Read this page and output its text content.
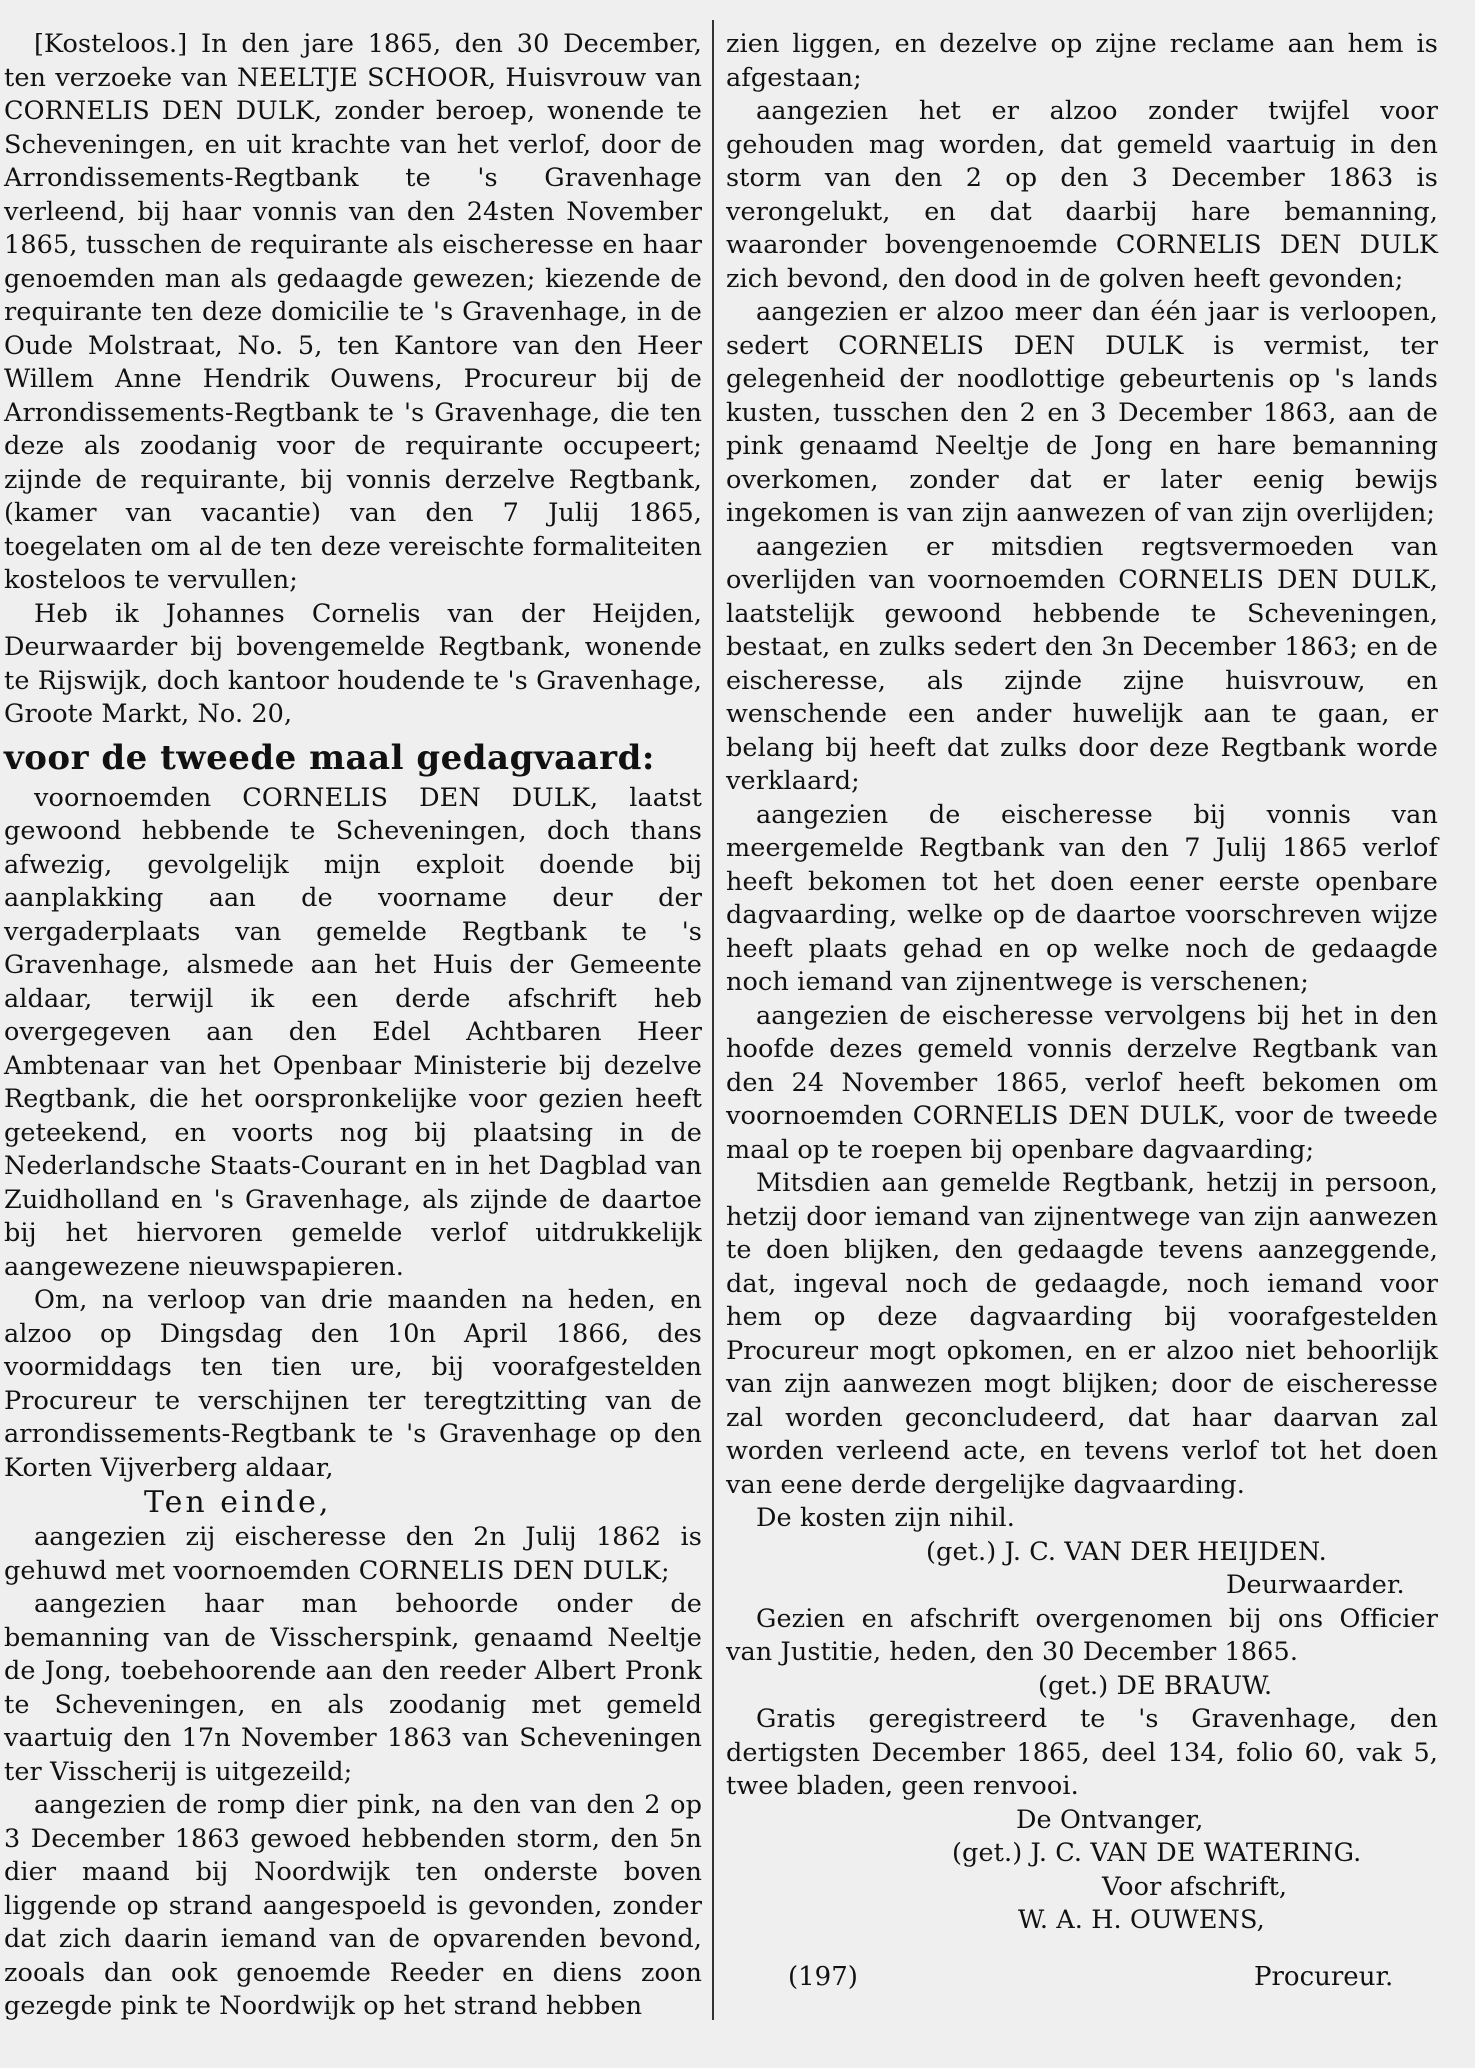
[Kosteloos.] In den jare 1865, den 30 December, ten verzoeke van NEELTJE SCHOOR, Huisvrouw van CORNELIS DEN DULK, zonder beroep, wonende te Scheveningen, en uit krachte van het verlof, door de Arrondissements-Regtbank te 's Gravenhage verleend, bij haar vonnis van den 24sten November 1865, tusschen de requirante als eischeresse en haar genoemden man als gedaagde gewezen; kiezende de requirante ten deze domicilie te 's Gravenhage, in de Oude Molstraat, No. 5, ten Kantore van den Heer Willem Anne Hendrik Ouwens, Procureur bij de Arrondissements-Regtbank te 's Gravenhage, die ten deze als zoodanig voor de requirante occupeert; zijnde de requirante, bij vonnis derzelve Regtbank, (kamer van vacantie) van den 7 Julij 1865, toegelaten om al de ten deze vereischte formaliteiten kosteloos te vervullen;

Heb ik Johannes Cornelis van der Heijden, Deurwaarder bij bovengemelde Regtbank, wonende te Rijswijk, doch kantoor houdende te 's Gravenhage, Groote Markt, No. 20,

voor de tweede maal gedagvaard:

voornoemden CORNELIS DEN DULK, laatst gewoond hebbende te Scheveningen, doch thans afwezig, gevolgelijk mijn exploit doende bij aanplakking aan de voorname deur der vergaderplaats van gemelde Regtbank te 's Gravenhage, alsmede aan het Huis der Gemeente aldaar, terwijl ik een derde afschrift heb overgegeven aan den Edel Achtbaren Heer Ambtenaar van het Openbaar Ministerie bij dezelve Regtbank, die het oorspronkelijke voor gezien heeft geteekend, en voorts nog bij plaatsing in de Nederlandsche Staats-Courant en in het Dagblad van Zuidholland en 's Gravenhage, als zijnde de daartoe bij het hiervoren gemelde verlof uitdrukkelijk aangewezene nieuwspapieren.

Om, na verloop van drie maanden na heden, en alzoo op Dingsdag den 10n April 1866, des voormiddags ten tien ure, bij voorafgestelden Procureur te verschijnen ter teregtzitting van de arrondissements-Regtbank te 's Gravenhage op den Korten Vijverberg aldaar,

Ten einde,

aangezien zij eischeresse den 2n Julij 1862 is gehuwd met voornoemden CORNELIS DEN DULK;

aangezien haar man behoorde onder de bemanning van de Visscherspink, genaamd Neeltje de Jong, toebehoorende aan den reeder Albert Pronk te Scheveningen, en als zoodanig met gemeld vaartuig den 17n November 1863 van Scheveningen ter Visscherij is uitgezeild;

aangezien de romp dier pink, na den van den 2 op 3 December 1863 gewoed hebbenden storm, den 5n dier maand bij Noordwijk ten onderste boven liggende op strand aangespoeld is gevonden, zonder dat zich daarin iemand van de opvarenden bevond, zooals dan ook genoemde Reeder en diens zoon gezegde pink te Noordwijk op het strand hebben

zien liggen, en dezelve op zijne reclame aan hem is afgestaan;

aangezien het er alzoo zonder twijfel voor gehouden mag worden, dat gemeld vaartuig in den storm van den 2 op den 3 December 1863 is verongelukt, en dat daarbij hare bemanning, waaronder bovengenoemde CORNELIS DEN DULK zich bevond, den dood in de golven heeft gevonden;

aangezien er alzoo meer dan één jaar is verloopen, sedert CORNELIS DEN DULK is vermist, ter gelegenheid der noodlottige gebeurtenis op 's lands kusten, tusschen den 2 en 3 December 1863, aan de pink genaamd Neeltje de Jong en hare bemanning overkomen, zonder dat er later eenig bewijs ingekomen is van zijn aanwezen of van zijn overlijden;

aangezien er mitsdien regtsvermoeden van overlijden van voornoemden CORNELIS DEN DULK, laatstelijk gewoond hebbende te Scheveningen, bestaat, en zulks sedert den 3n December 1863; en de eischeresse, als zijnde zijne huisvrouw, en wenschende een ander huwelijk aan te gaan, er belang bij heeft dat zulks door deze Regtbank worde verklaard;

aangezien de eischeresse bij vonnis van meergemelde Regtbank van den 7 Julij 1865 verlof heeft bekomen tot het doen eener eerste openbare dagvaarding, welke op de daartoe voorschreven wijze heeft plaats gehad en op welke noch de gedaagde noch iemand van zijnentwege is verschenen;

aangezien de eischeresse vervolgens bij het in den hoofde dezes gemeld vonnis derzelve Regtbank van den 24 November 1865, verlof heeft bekomen om voornoemden CORNELIS DEN DULK, voor de tweede maal op te roepen bij openbare dagvaarding;

Mitsdien aan gemelde Regtbank, hetzij in persoon, hetzij door iemand van zijnentwege van zijn aanwezen te doen blijken, den gedaagde tevens aanzeggende, dat, ingeval noch de gedaagde, noch iemand voor hem op deze dagvaarding bij voorafgestelden Procureur mogt opkomen, en er alzoo niet behoorlijk van zijn aanwezen mogt blijken; door de eischeresse zal worden geconcludeerd, dat haar daarvan zal worden verleend acte, en tevens verlof tot het doen van eene derde dergelijke dagvaarding.

De kosten zijn nihil.

(get.) J. C. VAN DER HEIJDEN.

Deurwaarder.

Gezien en afschrift overgenomen bij ons Officier van Justitie, heden, den 30 December 1865.

(get.) DE BRAUW.

Gratis geregistreerd te 's Gravenhage, den dertigsten December 1865, deel 134, folio 60, vak 5, twee bladen, geen renvooi.

De Ontvanger,

(get.) J. C. VAN DE WATERING.

Voor afschrift,

W. A. H. OUWENS,

(197)	Procureur.
